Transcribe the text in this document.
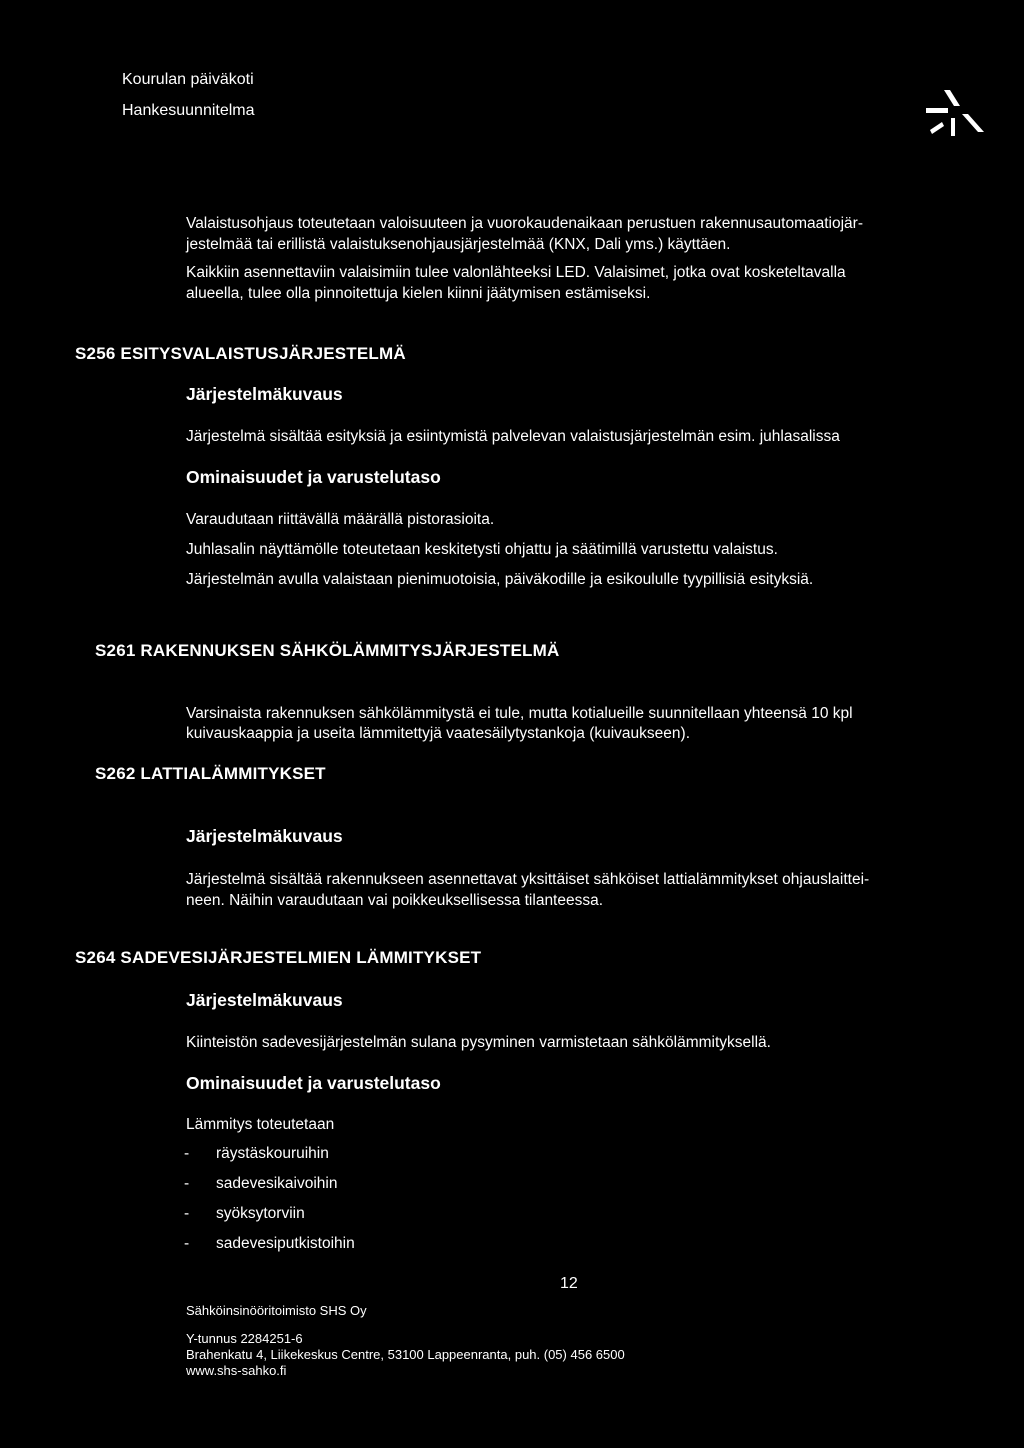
Kourulan päiväkoti
Hankesuunnitelma
Valaistusohjaus toteutetaan valoisuuteen ja vuorokaudenaikaan perustuen rakennusautomaatiojär-
jestelmää tai erillistä valaistuksenohjausjärjestelmää (KNX, Dali yms.) käyttäen.
Kaikkiin asennettaviin valaisimiin tulee valonlähteeksi LED. Valaisimet, jotka ovat kosketeltavalla
alueella, tulee olla pinnoitettuja kielen kiinni jäätymisen estämiseksi.
S256 ESITYSVALAISTUSJÄRJESTELMÄ
Järjestelmäkuvaus
Järjestelmä sisältää esityksiä ja esiintymistä palvelevan valaistusjärjestelmän esim. juhlasalissa
Ominaisuudet ja varustelutaso
Varaudutaan riittävällä määrällä pistorasioita.
Juhlasalin näyttämölle toteutetaan keskitetysti ohjattu ja säätimillä varustettu valaistus.
Järjestelmän avulla valaistaan pienimuotoisia, päiväkodille ja esikoululle tyypillisiä esityksiä.
S261 RAKENNUKSEN SÄHKÖLÄMMITYSJÄRJESTELMÄ
Varsinaista rakennuksen sähkölämmitystä ei tule, mutta kotialueille suunnitellaan yhteensä 10 kpl
kuivauskaappia ja useita lämmitettyjä vaatesäilytystankoja (kuivaukseen).
S262 LATTIALÄMMITYKSET
Järjestelmäkuvaus
Järjestelmä sisältää rakennukseen asennettavat yksittäiset sähköiset lattialämmitykset ohjauslaittei-
neen. Näihin varaudutaan vai poikkeuksellisessa tilanteessa.
S264 SADEVESIJÄRJESTELMIEN LÄMMITYKSET
Järjestelmäkuvaus
Kiinteistön sadevesijärjestelmän sulana pysyminen varmistetaan sähkölämmityksellä.
Ominaisuudet ja varustelutaso
Lämmitys toteutetaan
- räystäskouruihin
- sadevesikaivoihin
- syöksytorviin
- sadevesiputkistoihin
12
Sähköinsinööritoimisto SHS Oy
Y-tunnus 2284251-6
Brahenkatu 4, Liikekeskus Centre, 53100 Lappeenranta, puh. (05) 456 6500
www.shs-sahko.fi
